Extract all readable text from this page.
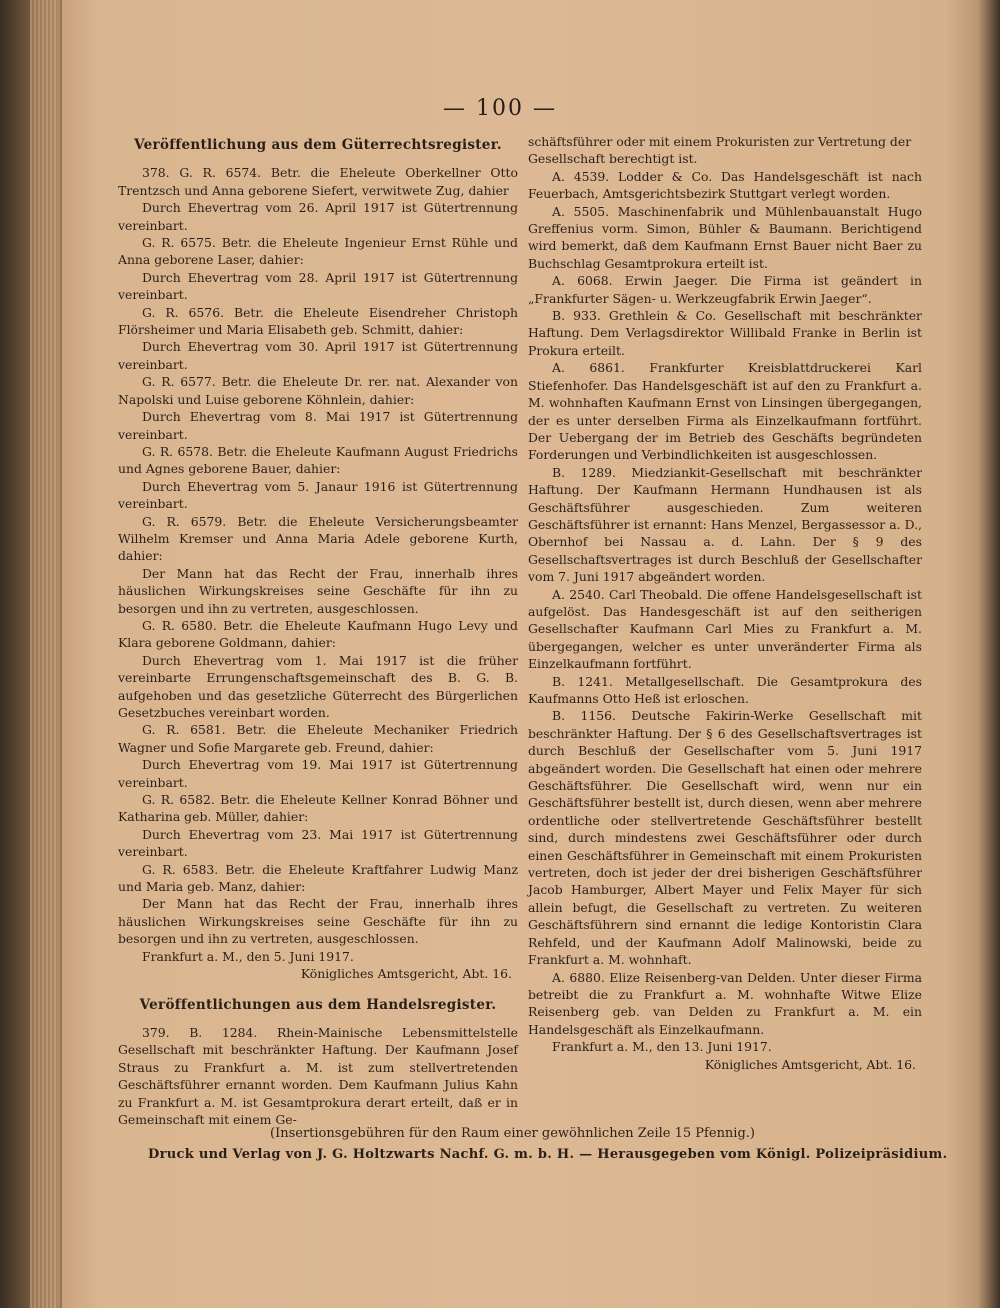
— 100 —
Veröffentlichung aus dem Güterrechtsregister.

378. G. R. 6574. Betr. die Eheleute Oberkellner Otto Trentzsch und Anna geborene Siefert, verwitwete Zug, dahier

Durch Ehevertrag vom 26. April 1917 ist Gütertrennung vereinbart.

G. R. 6575. Betr. die Eheleute Ingenieur Ernst Rühle und Anna geborene Laser, dahier:

Durch Ehevertrag vom 28. April 1917 ist Gütertrennung vereinbart.

G. R. 6576. Betr. die Eheleute Eisendreher Christoph Flörsheimer und Maria Elisabeth geb. Schmitt, dahier:

Durch Ehevertrag vom 30. April 1917 ist Gütertrennung vereinbart.

G. R. 6577. Betr. die Eheleute Dr. rer. nat. Alexander von Napolski und Luise geborene Köhnlein, dahier:

Durch Ehevertrag vom 8. Mai 1917 ist Gütertrennung vereinbart.

G. R. 6578. Betr. die Eheleute Kaufmann August Friedrichs und Agnes geborene Bauer, dahier:

Durch Ehevertrag vom 5. Janaur 1916 ist Gütertrennung vereinbart.

G. R. 6579. Betr. die Eheleute Versicherungsbeamter Wilhelm Kremser und Anna Maria Adele geborene Kurth, dahier:

Der Mann hat das Recht der Frau, innerhalb ihres häuslichen Wirkungskreises seine Geschäfte für ihn zu besorgen und ihn zu vertreten, ausgeschlossen.

G. R. 6580. Betr. die Eheleute Kaufmann Hugo Levy und Klara geborene Goldmann, dahier:

Durch Ehevertrag vom 1. Mai 1917 ist die früher vereinbarte Errungenschaftsgemeinschaft des B. G. B. aufgehoben und das gesetzliche Güterrecht des Bürgerlichen Gesetzbuches vereinbart worden.

G. R. 6581. Betr. die Eheleute Mechaniker Friedrich Wagner und Sofie Margarete geb. Freund, dahier:

Durch Ehevertrag vom 19. Mai 1917 ist Gütertrennung vereinbart.

G. R. 6582. Betr. die Eheleute Kellner Konrad Böhner und Katharina geb. Müller, dahier:

Durch Ehevertrag vom 23. Mai 1917 ist Gütertrennung vereinbart.

G. R. 6583. Betr. die Eheleute Kraftfahrer Ludwig Manz und Maria geb. Manz, dahier:

Der Mann hat das Recht der Frau, innerhalb ihres häuslichen Wirkungskreises seine Geschäfte für ihn zu besorgen und ihn zu vertreten, ausgeschlossen.

Frankfurt a. M., den 5. Juni 1917.

Königliches Amtsgericht, Abt. 16.

Veröffentlichungen aus dem Handelsregister.

379. B. 1284. Rhein-Mainische Lebensmittelstelle Gesellschaft mit beschränkter Haftung. Der Kaufmann Josef Straus zu Frankfurt a. M. ist zum stellvertretenden Geschäftsführer ernannt worden. Dem Kaufmann Julius Kahn zu Frankfurt a. M. ist Gesamtprokura derart erteilt, daß er in Gemeinschaft mit einem Ge-

schäftsführer oder mit einem Prokuristen zur Vertretung der Gesellschaft berechtigt ist.

A. 4539. Lodder & Co. Das Handelsgeschäft ist nach Feuerbach, Amtsgerichtsbezirk Stuttgart verlegt worden.

A. 5505. Maschinenfabrik und Mühlenbauanstalt Hugo Greffenius vorm. Simon, Bühler & Baumann. Berichtigend wird bemerkt, daß dem Kaufmann Ernst Bauer nicht Baer zu Buchschlag Gesamtprokura erteilt ist.

A. 6068. Erwin Jaeger. Die Firma ist geändert in „Frankfurter Sägen- u. Werkzeugfabrik Erwin Jaeger“.

B. 933. Grethlein & Co. Gesellschaft mit beschränkter Haftung. Dem Verlagsdirektor Willibald Franke in Berlin ist Prokura erteilt.

A. 6861. Frankfurter Kreisblattdruckerei Karl Stiefenhofer. Das Handelsgeschäft ist auf den zu Frankfurt a. M. wohnhaften Kaufmann Ernst von Linsingen übergegangen, der es unter derselben Firma als Einzelkaufmann fortführt. Der Uebergang der im Betrieb des Geschäfts begründeten Forderungen und Verbindlichkeiten ist ausgeschlossen.

B. 1289. Miedziankit-Gesellschaft mit beschränkter Haftung. Der Kaufmann Hermann Hundhausen ist als Geschäftsführer ausgeschieden. Zum weiteren Geschäftsführer ist ernannt: Hans Menzel, Bergassessor a. D., Obernhof bei Nassau a. d. Lahn. Der § 9 des Gesellschaftsvertrages ist durch Beschluß der Gesellschafter vom 7. Juni 1917 abgeändert worden.

A. 2540. Carl Theobald. Die offene Handelsgesellschaft ist aufgelöst. Das Handesgeschäft ist auf den seitherigen Gesellschafter Kaufmann Carl Mies zu Frankfurt a. M. übergegangen, welcher es unter unveränderter Firma als Einzelkaufmann fortführt.

B. 1241. Metallgesellschaft. Die Gesamtprokura des Kaufmanns Otto Heß ist erloschen.

B. 1156. Deutsche Fakirin-Werke Gesellschaft mit beschränkter Haftung. Der § 6 des Gesellschaftsvertrages ist durch Beschluß der Gesellschafter vom 5. Juni 1917 abgeändert worden. Die Gesellschaft hat einen oder mehrere Geschäftsführer. Die Gesellschaft wird, wenn nur ein Geschäftsführer bestellt ist, durch diesen, wenn aber mehrere ordentliche oder stellvertretende Geschäftsführer bestellt sind, durch mindestens zwei Geschäftsführer oder durch einen Geschäftsführer in Gemeinschaft mit einem Prokuristen vertreten, doch ist jeder der drei bisherigen Geschäftsführer Jacob Hamburger, Albert Mayer und Felix Mayer für sich allein befugt, die Gesellschaft zu vertreten. Zu weiteren Geschäftsführern sind ernannt die ledige Kontoristin Clara Rehfeld, und der Kaufmann Adolf Malinowski, beide zu Frankfurt a. M. wohnhaft.

A. 6880. Elize Reisenberg-van Delden. Unter dieser Firma betreibt die zu Frankfurt a. M. wohnhafte Witwe Elize Reisenberg geb. van Delden zu Frankfurt a. M. ein Handelsgeschäft als Einzelkaufmann.

Frankfurt a. M., den 13. Juni 1917.

Königliches Amtsgericht, Abt. 16.

(Insertionsgebühren für den Raum einer gewöhnlichen Zeile 15 Pfennig.)
Druck und Verlag von J. G. Holtzwarts Nachf. G. m. b. H. — Herausgegeben vom Königl. Polizeipräsidium.
